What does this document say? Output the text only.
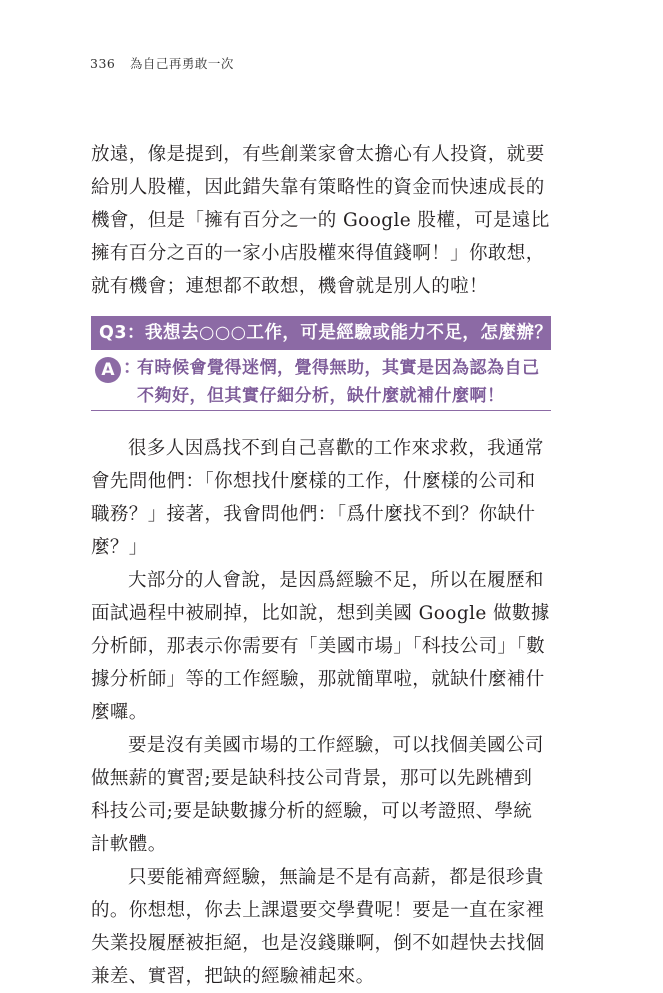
336 為自己再勇敢一次

放遠，像是提到，有些創業家會太擔心有人投資，就要給別人股權，因此錯失靠有策略性的資金而快速成長的機會，但是「擁有百分之一的 Google 股權，可是遠比擁有百分之百的一家小店股權來得值錢啊！」你敢想，就有機會；連想都不敢想，機會就是別人的啦！

Q3：我想去○○○工作，可是經驗或能力不足，怎麼辦？
A ：
有時候會覺得迷惘，覺得無助，其實是因為認為自己不夠好，但其實仔細分析，缺什麼就補什麼啊！

很多人因爲找不到自己喜歡的工作來求救，我通常會先問他們：「你想找什麼樣的工作，什麼樣的公司和職務？」接著，我會問他們：「爲什麼找不到？你缺什麼？」

大部分的人會說，是因爲經驗不足，所以在履歷和面試過程中被刷掉，比如說，想到美國 Google 做數據分析師，那表示你需要有「美國市場」「科技公司」「數據分析師」等的工作經驗，那就簡單啦，就缺什麼補什麼囉。

要是沒有美國市場的工作經驗，可以找個美國公司做無薪的實習;要是缺科技公司背景，那可以先跳槽到科技公司;要是缺數據分析的經驗，可以考證照、學統計軟體。

只要能補齊經驗，無論是不是有高薪，都是很珍貴的。你想想，你去上課還要交學費呢！要是一直在家裡失業投履歷被拒絕，也是沒錢賺啊，倒不如趕快去找個兼差、實習，把缺的經驗補起來。
